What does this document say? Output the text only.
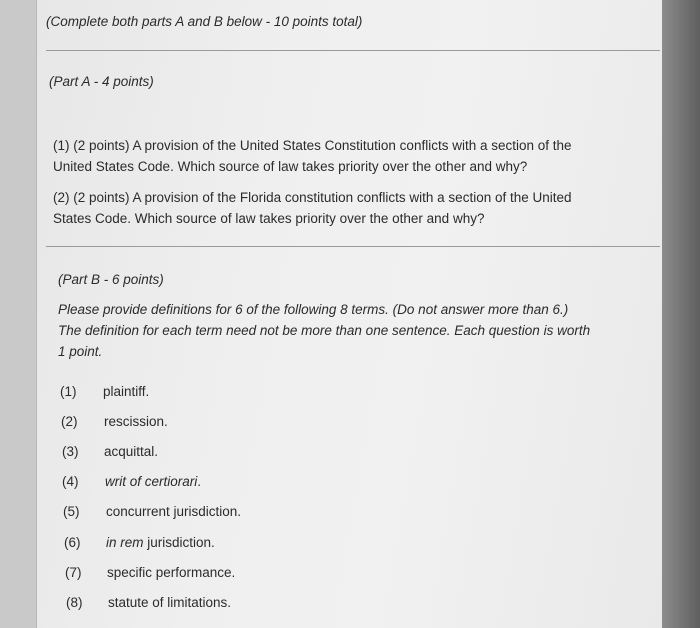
(Complete both parts A and B below - 10 points total)
(Part A - 4 points)
(1) (2 points) A provision of the United States Constitution conflicts with a section of the United States Code. Which source of law takes priority over the other and why?
(2) (2 points) A provision of the Florida constitution conflicts with a section of the United States Code. Which source of law takes priority over the other and why?
(Part B - 6 points)
Please provide definitions for 6 of the following 8 terms. (Do not answer more than 6.) The definition for each term need not be more than one sentence. Each question is worth 1 point.
(1) plaintiff.
(2) rescission.
(3) acquittal.
(4) writ of certiorari.
(5) concurrent jurisdiction.
(6) in rem jurisdiction.
(7) specific performance.
(8) statute of limitations.
